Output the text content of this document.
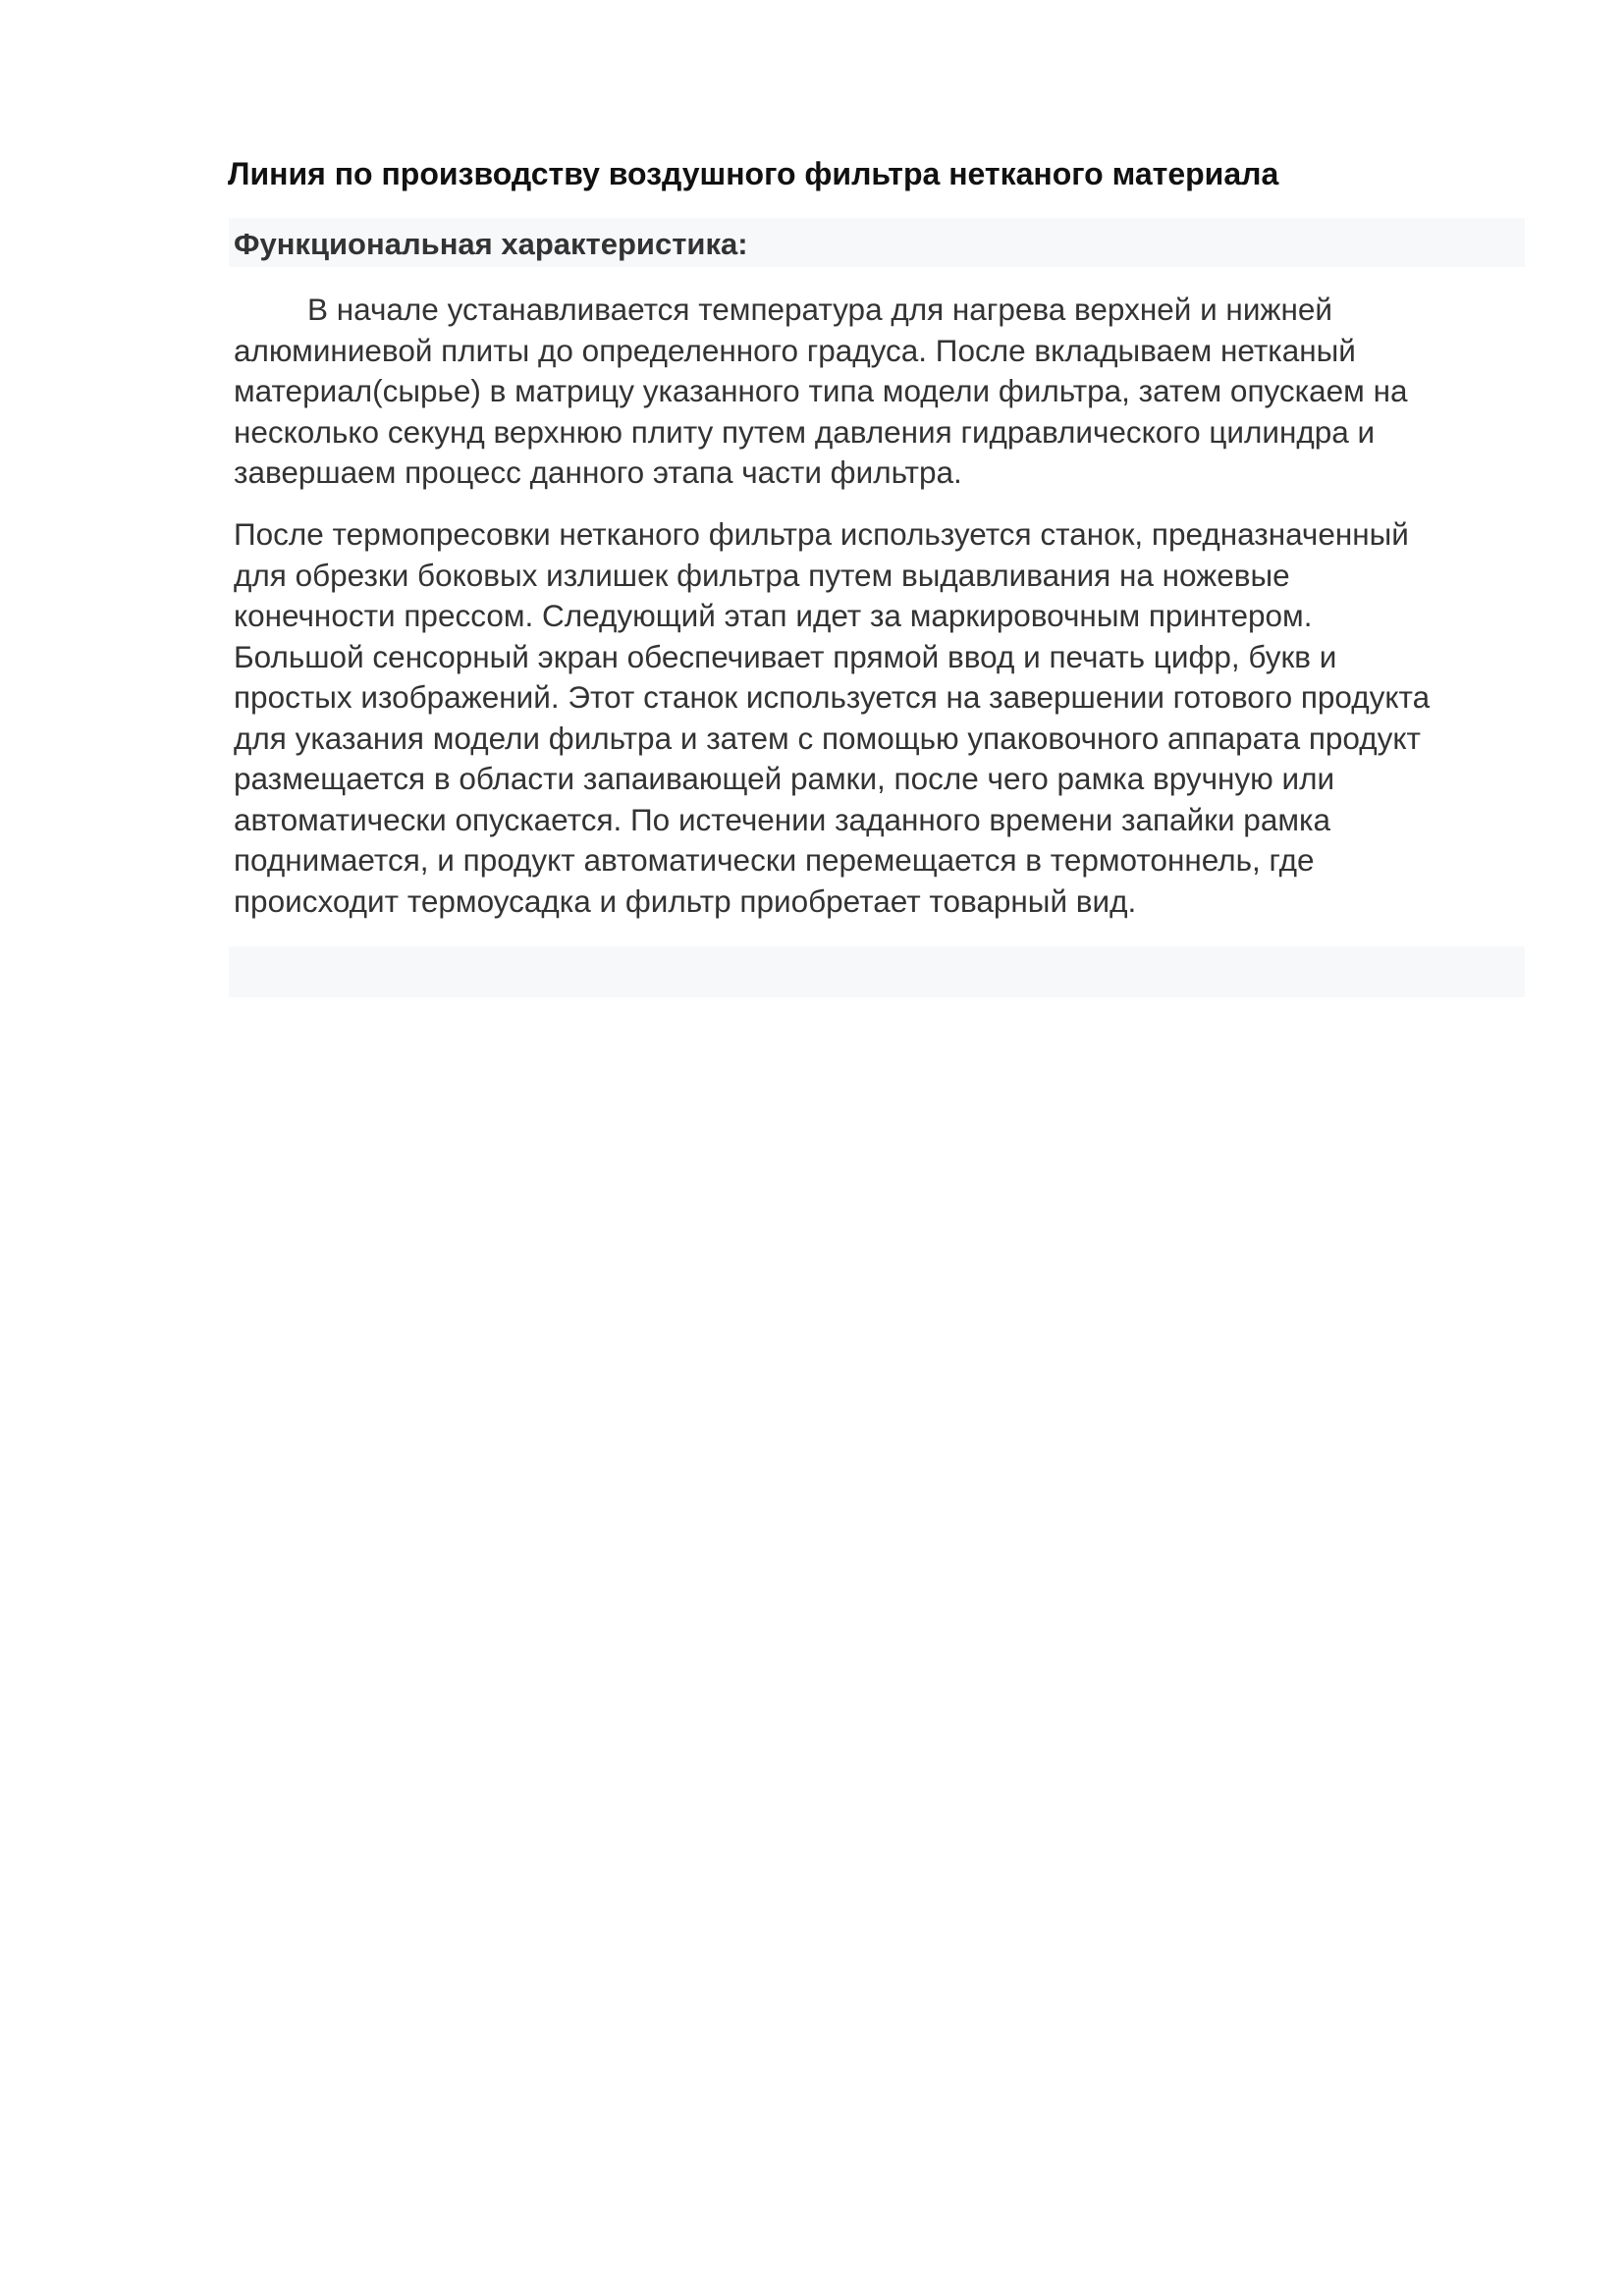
Линия по производству воздушного фильтра нетканого материала
Функциональная характеристика:

В начале устанавливается температура для нагрева верхней и нижней
алюминиевой плиты до определенного градуса. После вкладываем нетканый
материал(сырье) в матрицу указанного типа модели фильтра, затем опускаем на
несколько секунд верхнюю плиту путем давления гидравлического цилиндра и
завершаем процесс данного этапа части фильтра.

После термопресовки нетканого фильтра используется станок, предназначенный
для обрезки боковых излишек фильтра путем выдавливания на ножевые
конечности прессом. Следующий этап идет за маркировочным принтером.
Большой сенсорный экран обеспечивает прямой ввод и печать цифр, букв и
простых изображений. Этот станок используется на завершении готового продукта
для указания модели фильтра и затем с помощью упаковочного аппарата продукт
размещается в области запаивающей рамки, после чего рамка вручную или
автоматически опускается. По истечении заданного времени запайки рамка
поднимается, и продукт автоматически перемещается в термотоннель, где
происходит термоусадка и фильтр приобретает товарный вид.
